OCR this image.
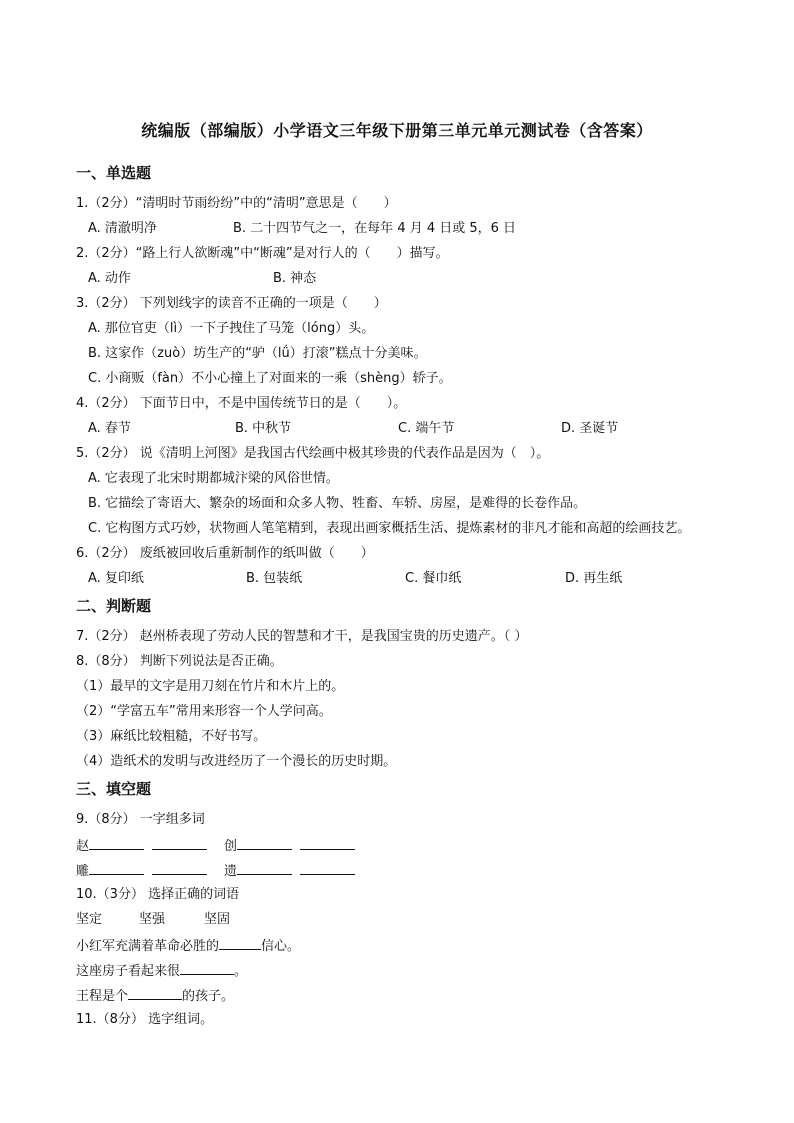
统编版（部编版）小学语文三年级下册第三单元单元测试卷（含答案）
一、单选题
1.（2分）“清明时节雨纷纷”中的“清明”意思是（　　）
A. 清澈明净	B. 二十四节气之一，在每年 4 月 4 日或 5，6 日
2.（2分）“路上行人欲断魂”中“断魂”是对行人的（　　）描写。
A. 动作	B. 神态
3.（2分） 下列划线字的读音不正确的一项是（　　）
A. 那位官吏（lì）一下子拽住了马笼（lóng）头。
B. 这家作（zuò）坊生产的“驴（lǘ）打滚”糕点十分美味。
C. 小商贩（fàn）不小心撞上了对面来的一乘（shèng）轿子。
4.（2分） 下面节日中，不是中国传统节日的是（　　）。
A. 春节	B. 中秋节	C. 端午节	D. 圣诞节
5.（2分） 说《清明上河图》是我国古代绘画中极其珍贵的代表作品是因为（　）。
A. 它表现了北宋时期都城汴梁的风俗世情。
B. 它描绘了寄语大、繁杂的场面和众多人物、牲畜、车轿、房屋，是难得的长卷作品。
C. 它构图方式巧妙，状物画人笔笔精到，表现出画家概括生活、提炼素材的非凡才能和高超的绘画技艺。
6.（2分） 废纸被回收后重新制作的纸叫做（　　）
A. 复印纸	B. 包装纸	C. 餐巾纸	D. 再生纸
二、判断题
7.（2分） 赵州桥表现了劳动人民的智慧和才干，是我国宝贵的历史遗产。（ ）
8.（8分） 判断下列说法是否正确。
（1）最早的文字是用刀刻在竹片和木片上的。
（2）“学富五车”常用来形容一个人学问高。
（3）麻纸比较粗糙，不好书写。
（4）造纸术的发明与改进经历了一个漫长的历史时期。
三、填空题
9.（8分） 一字组多词
赵	创
雕	遗
10.（3分） 选择正确的词语
坚定	坚强	坚固
小红军充满着革命必胜的	信心。
这座房子看起来很	。
王程是个	的孩子。
11.（8分） 选字组词。
